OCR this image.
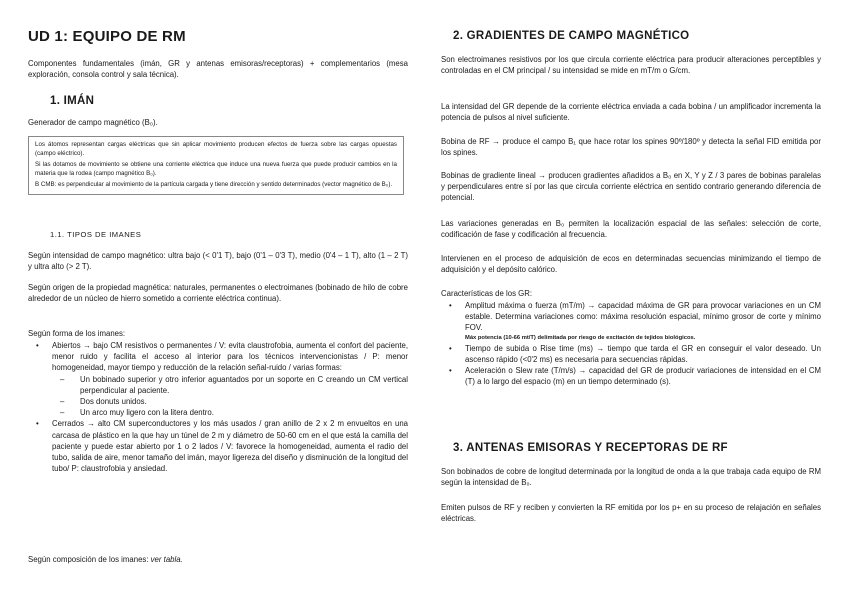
UD 1: EQUIPO DE RM

Componentes fundamentales (imán, GR y antenas emisoras/receptoras) + complementarios (mesa exploración, consola control y sala técnica).

1. IMÁN

Generador de campo magnético (B₀).

Los átomos representan cargas eléctricas que sin aplicar movimiento producen efectos de fuerza sobre las cargas opuestas (campo eléctrico).

Si las dotamos de movimiento se obtiene una corriente eléctrica que induce una nueva fuerza que puede producir cambios en la materia que la rodea (campo magnético B₀).

B CMB: es perpendicular al movimiento de la partícula cargada y tiene dirección y sentido determinados (vector magnético de B₀).

1.1. TIPOS DE IMANES

Según intensidad de campo magnético: ultra bajo (< 0'1 T), bajo (0'1 – 0'3 T), medio (0'4 – 1 T), alto (1 – 2 T) y ultra alto (> 2 T).

Según origen de la propiedad magnética: naturales, permanentes o electroimanes (bobinado de hilo de cobre alrededor de un núcleo de hierro sometido a corriente eléctrica continua).

Según forma de los imanes:

• Abiertos → bajo CM resistivos o permanentes / V: evita claustrofobia, aumenta el confort del paciente, menor ruido y facilita el acceso al interior para los técnicos intervencionistas / P: menor homogeneidad, mayor tiempo y reducción de la relación señal-ruido / varias formas:
– Un bobinado superior y otro inferior aguantados por un soporte en C creando un CM vertical perpendicular al paciente.
– Dos donuts unidos.
– Un arco muy ligero con la litera dentro.
• Cerrados → alto CM superconductores y los más usados / gran anillo de 2 x 2 m envueltos en una carcasa de plástico en la que hay un túnel de 2 m y diámetro de 50-60 cm en el que está la camilla del paciente y puede estar abierto por 1 o 2 lados / V: favorece la homogeneidad, aumenta el radio del tubo, salida de aire, menor tamaño del imán, mayor ligereza del diseño y disminución de la longitud del tubo/ P: claustrofobia y ansiedad.

Según composición de los imanes: ver tabla.

2. GRADIENTES DE CAMPO MAGNÉTICO

Son electroimanes resistivos por los que circula corriente eléctrica para producir alteraciones perceptibles y controladas en el CM principal / su intensidad se mide en mT/m o G/cm.

La intensidad del GR depende de la corriente eléctrica enviada a cada bobina / un amplificador incrementa la potencia de pulsos al nivel suficiente.

Bobina de RF → produce el campo B₁ que hace rotar los spines 90º/180º y detecta la señal FID emitida por los spines.

Bobinas de gradiente lineal → producen gradientes añadidos a B₀ en X, Y y Z / 3 pares de bobinas paralelas y perpendiculares entre sí por las que circula corriente eléctrica en sentido contrario generando diferencia de potencial.

Las variaciones generadas en B₀ permiten la localización espacial de las señales: selección de corte, codificación de fase y codificación al frecuencia.

Intervienen en el proceso de adquisición de ecos en determinadas secuencias minimizando el tiempo de adquisición y el depósito calórico.

Características de los GR:

• Amplitud máxima o fuerza (mT/m) → capacidad máxima de GR para provocar variaciones en un CM estable. Determina variaciones como: máxima resolución espacial, mínimo grosor de corte y mínimo FOV.
Máx potencia (10-66 mt/T) delimitada por riesgo de excitación de tejidos biológicos.
• Tiempo de subida o Rise time (ms) → tiempo que tarda el GR en conseguir el valor deseado. Un ascenso rápido (<0'2 ms) es necesaria para secuencias rápidas.
• Aceleración o Slew rate (T/m/s) → capacidad del GR de producir variaciones de intensidad en el CM (T) a lo largo del espacio (m) en un tiempo determinado (s).
3. ANTENAS EMISORAS Y RECEPTORAS DE RF

Son bobinados de cobre de longitud determinada por la longitud de onda a la que trabaja cada equipo de RM según la intensidad de B₀.

Emiten pulsos de RF y reciben y convierten la RF emitida por los p+ en su proceso de relajación en señales eléctricas.
